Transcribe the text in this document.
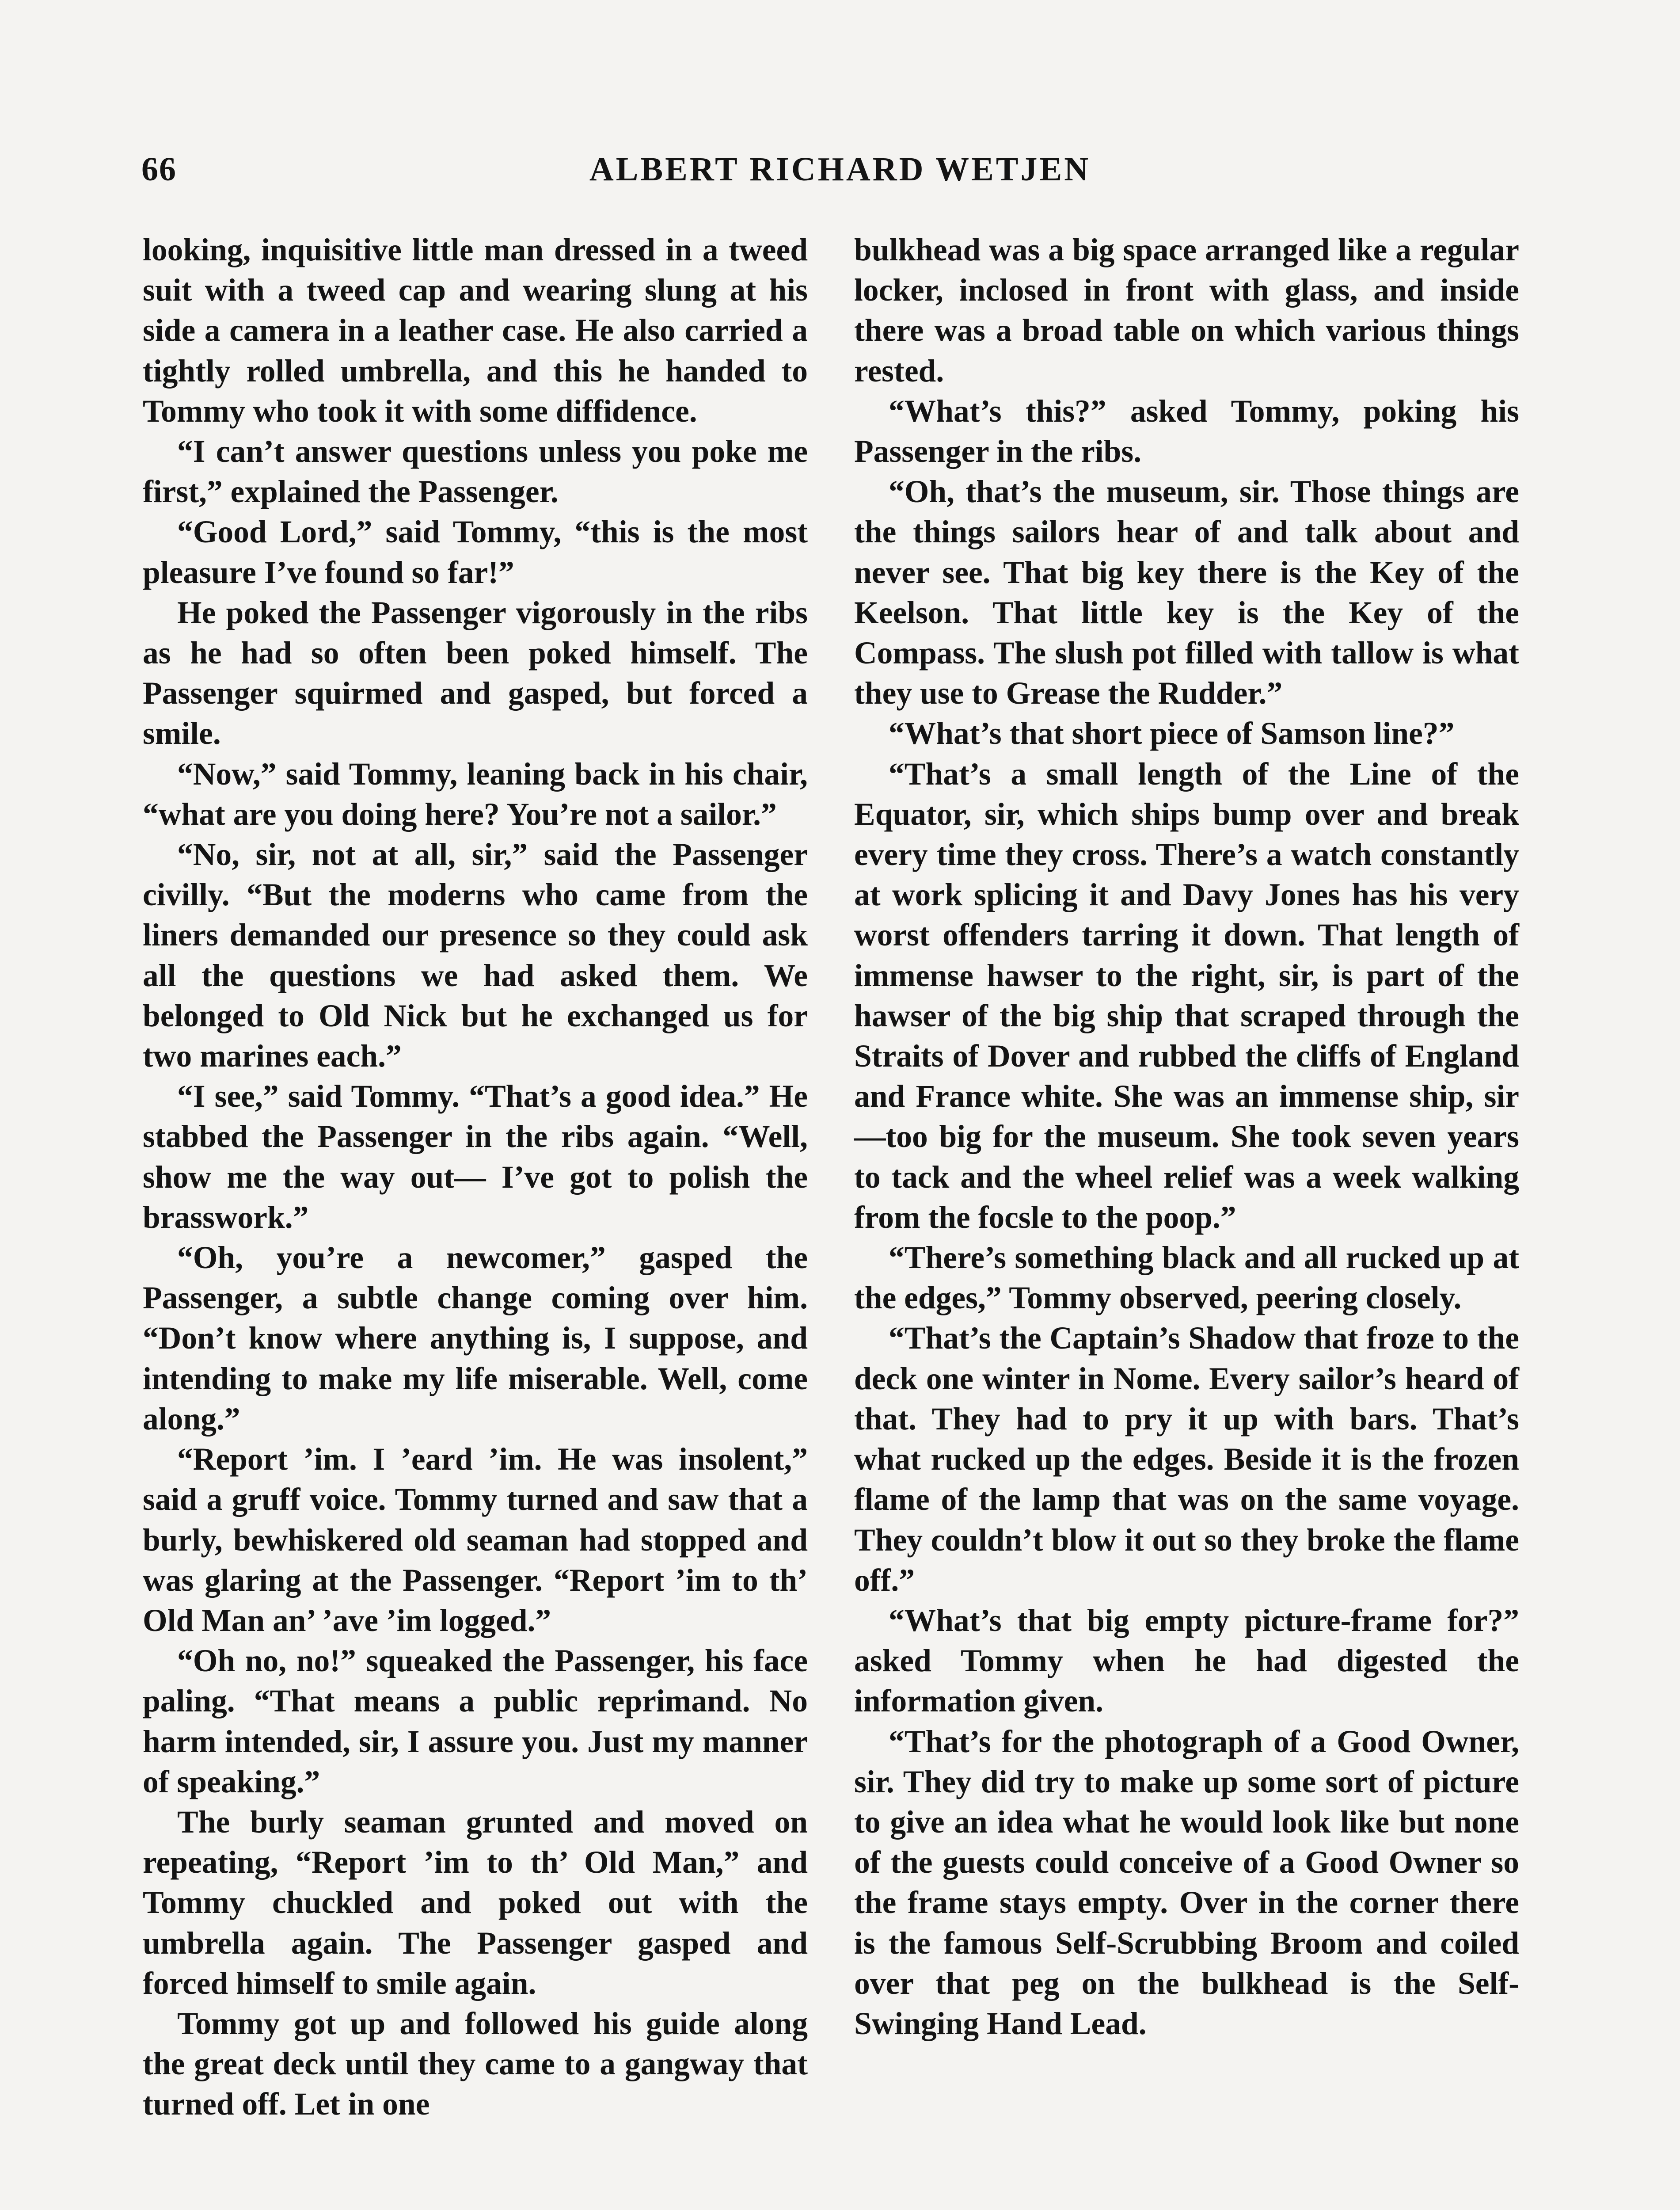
66	ALBERT RICHARD WETJEN

looking, inquisitive little man dressed in a tweed suit with a tweed cap and wearing slung at his side a camera in a leather case. He also carried a tightly rolled umbrella, and this he handed to Tommy who took it with some diffidence.

“I can’t answer questions unless you poke me first,” explained the Passenger.

“Good Lord,” said Tommy, “this is the most pleasure I’ve found so far!”

He poked the Passenger vigorously in the ribs as he had so often been poked himself. The Passenger squirmed and gasped, but forced a smile.

“Now,” said Tommy, leaning back in his chair, “what are you doing here? You’re not a sailor.”

“No, sir, not at all, sir,” said the Passenger civilly. “But the moderns who came from the liners demanded our presence so they could ask all the questions we had asked them. We belonged to Old Nick but he exchanged us for two marines each.”

“I see,” said Tommy. “That’s a good idea.” He stabbed the Passenger in the ribs again. “Well, show me the way out— I’ve got to polish the brasswork.”

“Oh, you’re a newcomer,” gasped the Passenger, a subtle change coming over him. “Don’t know where anything is, I suppose, and intending to make my life miserable. Well, come along.”

“Report ’im. I ’eard ’im. He was insolent,” said a gruff voice. Tommy turned and saw that a burly, bewhiskered old seaman had stopped and was glaring at the Passenger. “Report ’im to th’ Old Man an’ ’ave ’im logged.”

“Oh no, no!” squeaked the Passenger, his face paling. “That means a public reprimand. No harm intended, sir, I assure you. Just my manner of speaking.”

The burly seaman grunted and moved on repeating, “Report ’im to th’ Old Man,” and Tommy chuckled and poked out with the umbrella again. The Passenger gasped and forced himself to smile again.

Tommy got up and followed his guide along the great deck until they came to a gangway that turned off. Let in one

bulkhead was a big space arranged like a regular locker, inclosed in front with glass, and inside there was a broad table on which various things rested.

“What’s this?” asked Tommy, poking his Passenger in the ribs.

“Oh, that’s the museum, sir. Those things are the things sailors hear of and talk about and never see. That big key there is the Key of the Keelson. That little key is the Key of the Compass. The slush pot filled with tallow is what they use to Grease the Rudder.”

“What’s that short piece of Samson line?”

“That’s a small length of the Line of the Equator, sir, which ships bump over and break every time they cross. There’s a watch constantly at work splicing it and Davy Jones has his very worst offenders tarring it down. That length of immense hawser to the right, sir, is part of the hawser of the big ship that scraped through the Straits of Dover and rubbed the cliffs of England and France white. She was an immense ship, sir—too big for the museum. She took seven years to tack and the wheel relief was a week walking from the focsle to the poop.”

“There’s something black and all rucked up at the edges,” Tommy observed, peering closely.

“That’s the Captain’s Shadow that froze to the deck one winter in Nome. Every sailor’s heard of that. They had to pry it up with bars. That’s what rucked up the edges. Beside it is the frozen flame of the lamp that was on the same voyage. They couldn’t blow it out so they broke the flame off.”

“What’s that big empty picture-frame for?” asked Tommy when he had digested the information given.

“That’s for the photograph of a Good Owner, sir. They did try to make up some sort of picture to give an idea what he would look like but none of the guests could conceive of a Good Owner so the frame stays empty. Over in the corner there is the famous Self-Scrubbing Broom and coiled over that peg on the bulkhead is the Self-Swinging Hand Lead.
